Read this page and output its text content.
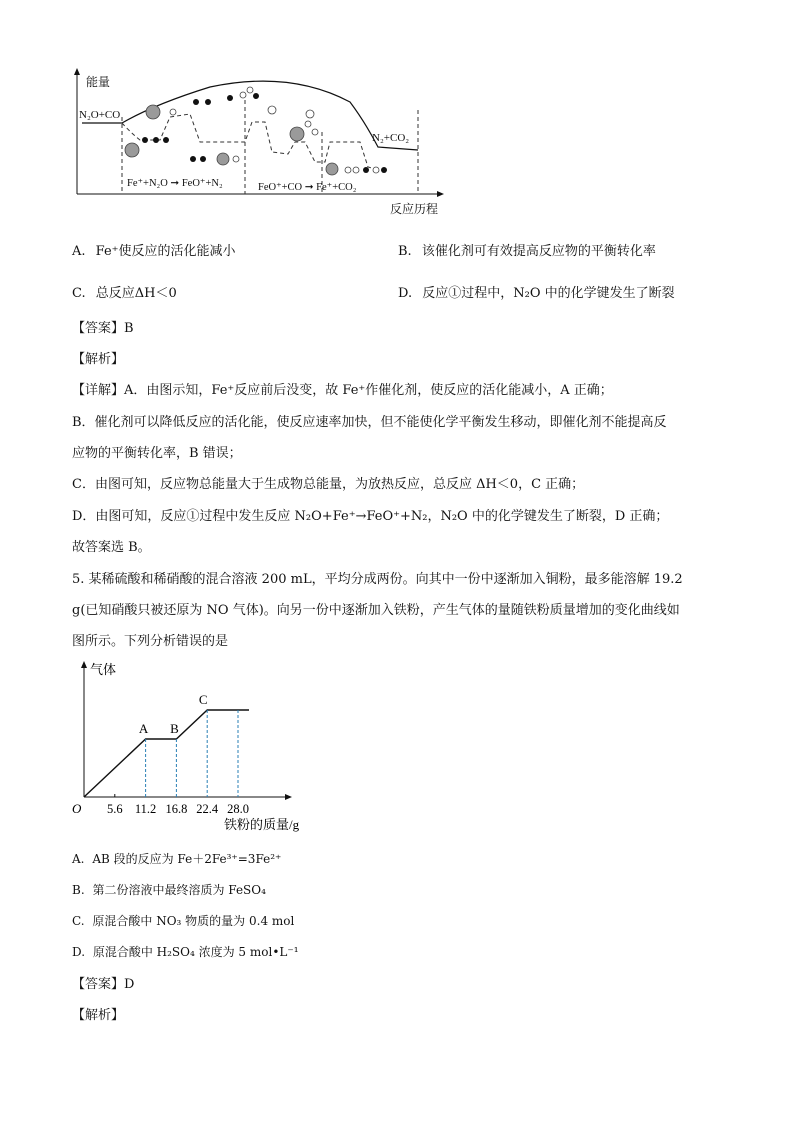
能量
N₂O+CO
N₂+CO₂
Fe⁺+N₂O ➞ FeO⁺+N₂	FeO⁺+CO ➞ Fe⁺+CO₂
反应历程
A. Fe⁺使反应的活化能减小	B. 该催化剂可有效提高反应物的平衡转化率
C. 总反应ΔH＜0	D. 反应①过程中，N₂O 中的化学键发生了断裂
【答案】B
【解析】
【详解】A．由图示知，Fe⁺反应前后没变，故 Fe⁺作催化剂，使反应的活化能减小，A 正确；
B．催化剂可以降低反应的活化能，使反应速率加快，但不能使化学平衡发生移动，即催化剂不能提高反
应物的平衡转化率，B 错误；
C．由图可知，反应物总能量大于生成物总能量，为放热反应，总反应 ΔH＜0，C 正确；
D．由图可知，反应①过程中发生反应 N₂O+Fe⁺→FeO⁺+N₂，N₂O 中的化学键发生了断裂，D 正确；
故答案选 B。
5. 某稀硫酸和稀硝酸的混合溶液 200 mL，平均分成两份。向其中一份中逐渐加入铜粉，最多能溶解 19.2
g(已知硝酸只被还原为 NO 气体)。向另一份中逐渐加入铁粉，产生气体的量随铁粉质量增加的变化曲线如
图所示。下列分析错误的是
气体
O
铁粉的质量/g
5.6 11.2 16.8 22.4 28.0
A B
C
A. AB 段的反应为 Fe＋2Fe³⁺=3Fe²⁺
B. 第二份溶液中最终溶质为 FeSO₄
C. 原混合酸中 NO₃ 物质的量为 0.4 mol
D. 原混合酸中 H₂SO₄ 浓度为 5 mol•L⁻¹
【答案】D
【解析】
